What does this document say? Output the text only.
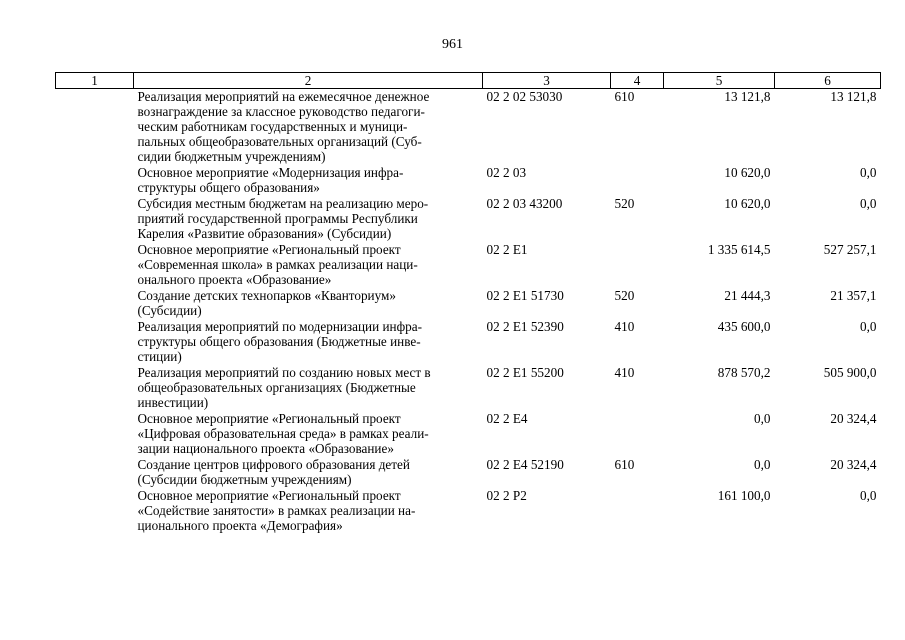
961
1	2	3	4	5	6
	Реализация мероприятий на ежемесячное денежное
вознаграждение за классное руководство педагоги-
ческим работникам государственных и муници-
пальных общеобразовательных организаций (Суб-
сидии бюджетным учреждениям)	02 2 02 53030	610	13 121,8	13 121,8
	Основное мероприятие «Модернизация инфра-
структуры общего образования»	02 2 03		10 620,0	0,0
	Субсидия местным бюджетам на реализацию меро-
приятий государственной программы Республики
Карелия «Развитие образования» (Субсидии)	02 2 03 43200	520	10 620,0	0,0
	Основное мероприятие «Региональный проект
«Современная школа» в рамках реализации наци-
онального проекта «Образование»	02 2 E1		1 335 614,5	527 257,1
	Создание детских технопарков «Кванториум»
(Субсидии)	02 2 E1 51730	520	21 444,3	21 357,1
	Реализация мероприятий по модернизации инфра-
структуры общего образования (Бюджетные инве-
стиции)	02 2 E1 52390	410	435 600,0	0,0
	Реализация мероприятий по созданию новых мест в
общеобразовательных организациях (Бюджетные
инвестиции)	02 2 E1 55200	410	878 570,2	505 900,0
	Основное мероприятие «Региональный проект
«Цифровая образовательная среда» в рамках реали-
зации национального проекта «Образование»	02 2 E4		0,0	20 324,4
	Создание центров цифрового образования детей
(Субсидии бюджетным учреждениям)	02 2 E4 52190	610	0,0	20 324,4
	Основное мероприятие «Региональный проект
«Содействие занятости» в рамках реализации на-
ционального проекта «Демография»	02 2 P2		161 100,0	0,0
